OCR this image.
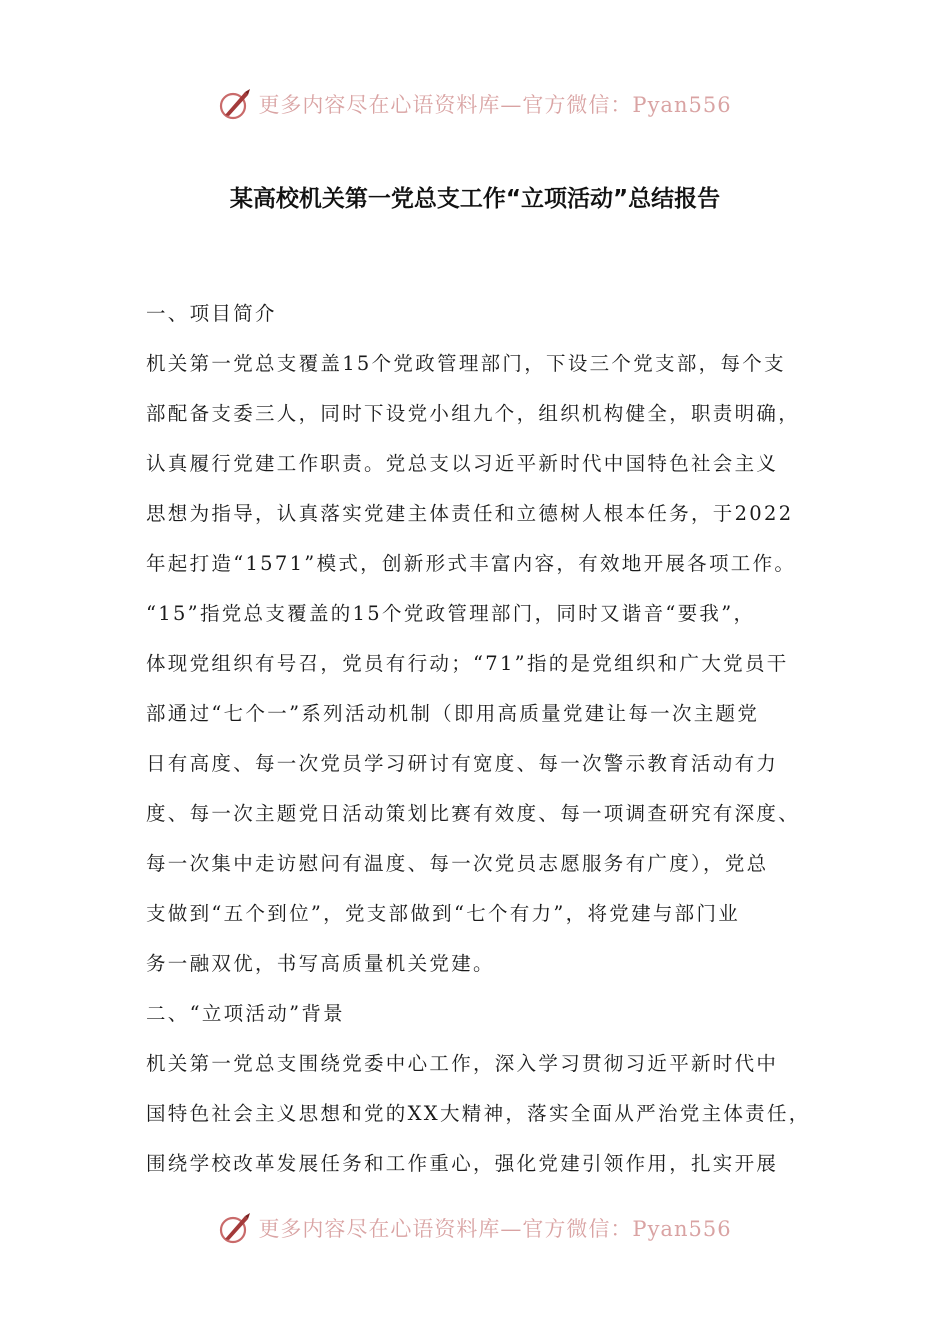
更多内容尽在心语资料库—官方微信：Pyan556
某高校机关第一党总支工作“立项活动”总结报告
一、项目简介
机关第一党总支覆盖15个党政管理部门，下设三个党支部，每个支
部配备支委三人，同时下设党小组九个，组织机构健全，职责明确，
认真履行党建工作职责。党总支以习近平新时代中国特色社会主义
思想为指导，认真落实党建主体责任和立德树人根本任务，于2022
年起打造“1571”模式，创新形式丰富内容，有效地开展各项工作。
“15”指党总支覆盖的15个党政管理部门，同时又谐音“要我”，
体现党组织有号召，党员有行动；“71”指的是党组织和广大党员干
部通过“七个一”系列活动机制（即用高质量党建让每一次主题党
日有高度、每一次党员学习研讨有宽度、每一次警示教育活动有力
度、每一次主题党日活动策划比赛有效度、每一项调查研究有深度、
每一次集中走访慰问有温度、每一次党员志愿服务有广度），党总
支做到“五个到位”，党支部做到“七个有力”，将党建与部门业
务一融双优，书写高质量机关党建。
二、“立项活动”背景
机关第一党总支围绕党委中心工作，深入学习贯彻习近平新时代中
国特色社会主义思想和党的XX大精神，落实全面从严治党主体责任，
围绕学校改革发展任务和工作重心，强化党建引领作用，扎实开展
更多内容尽在心语资料库—官方微信：Pyan556
